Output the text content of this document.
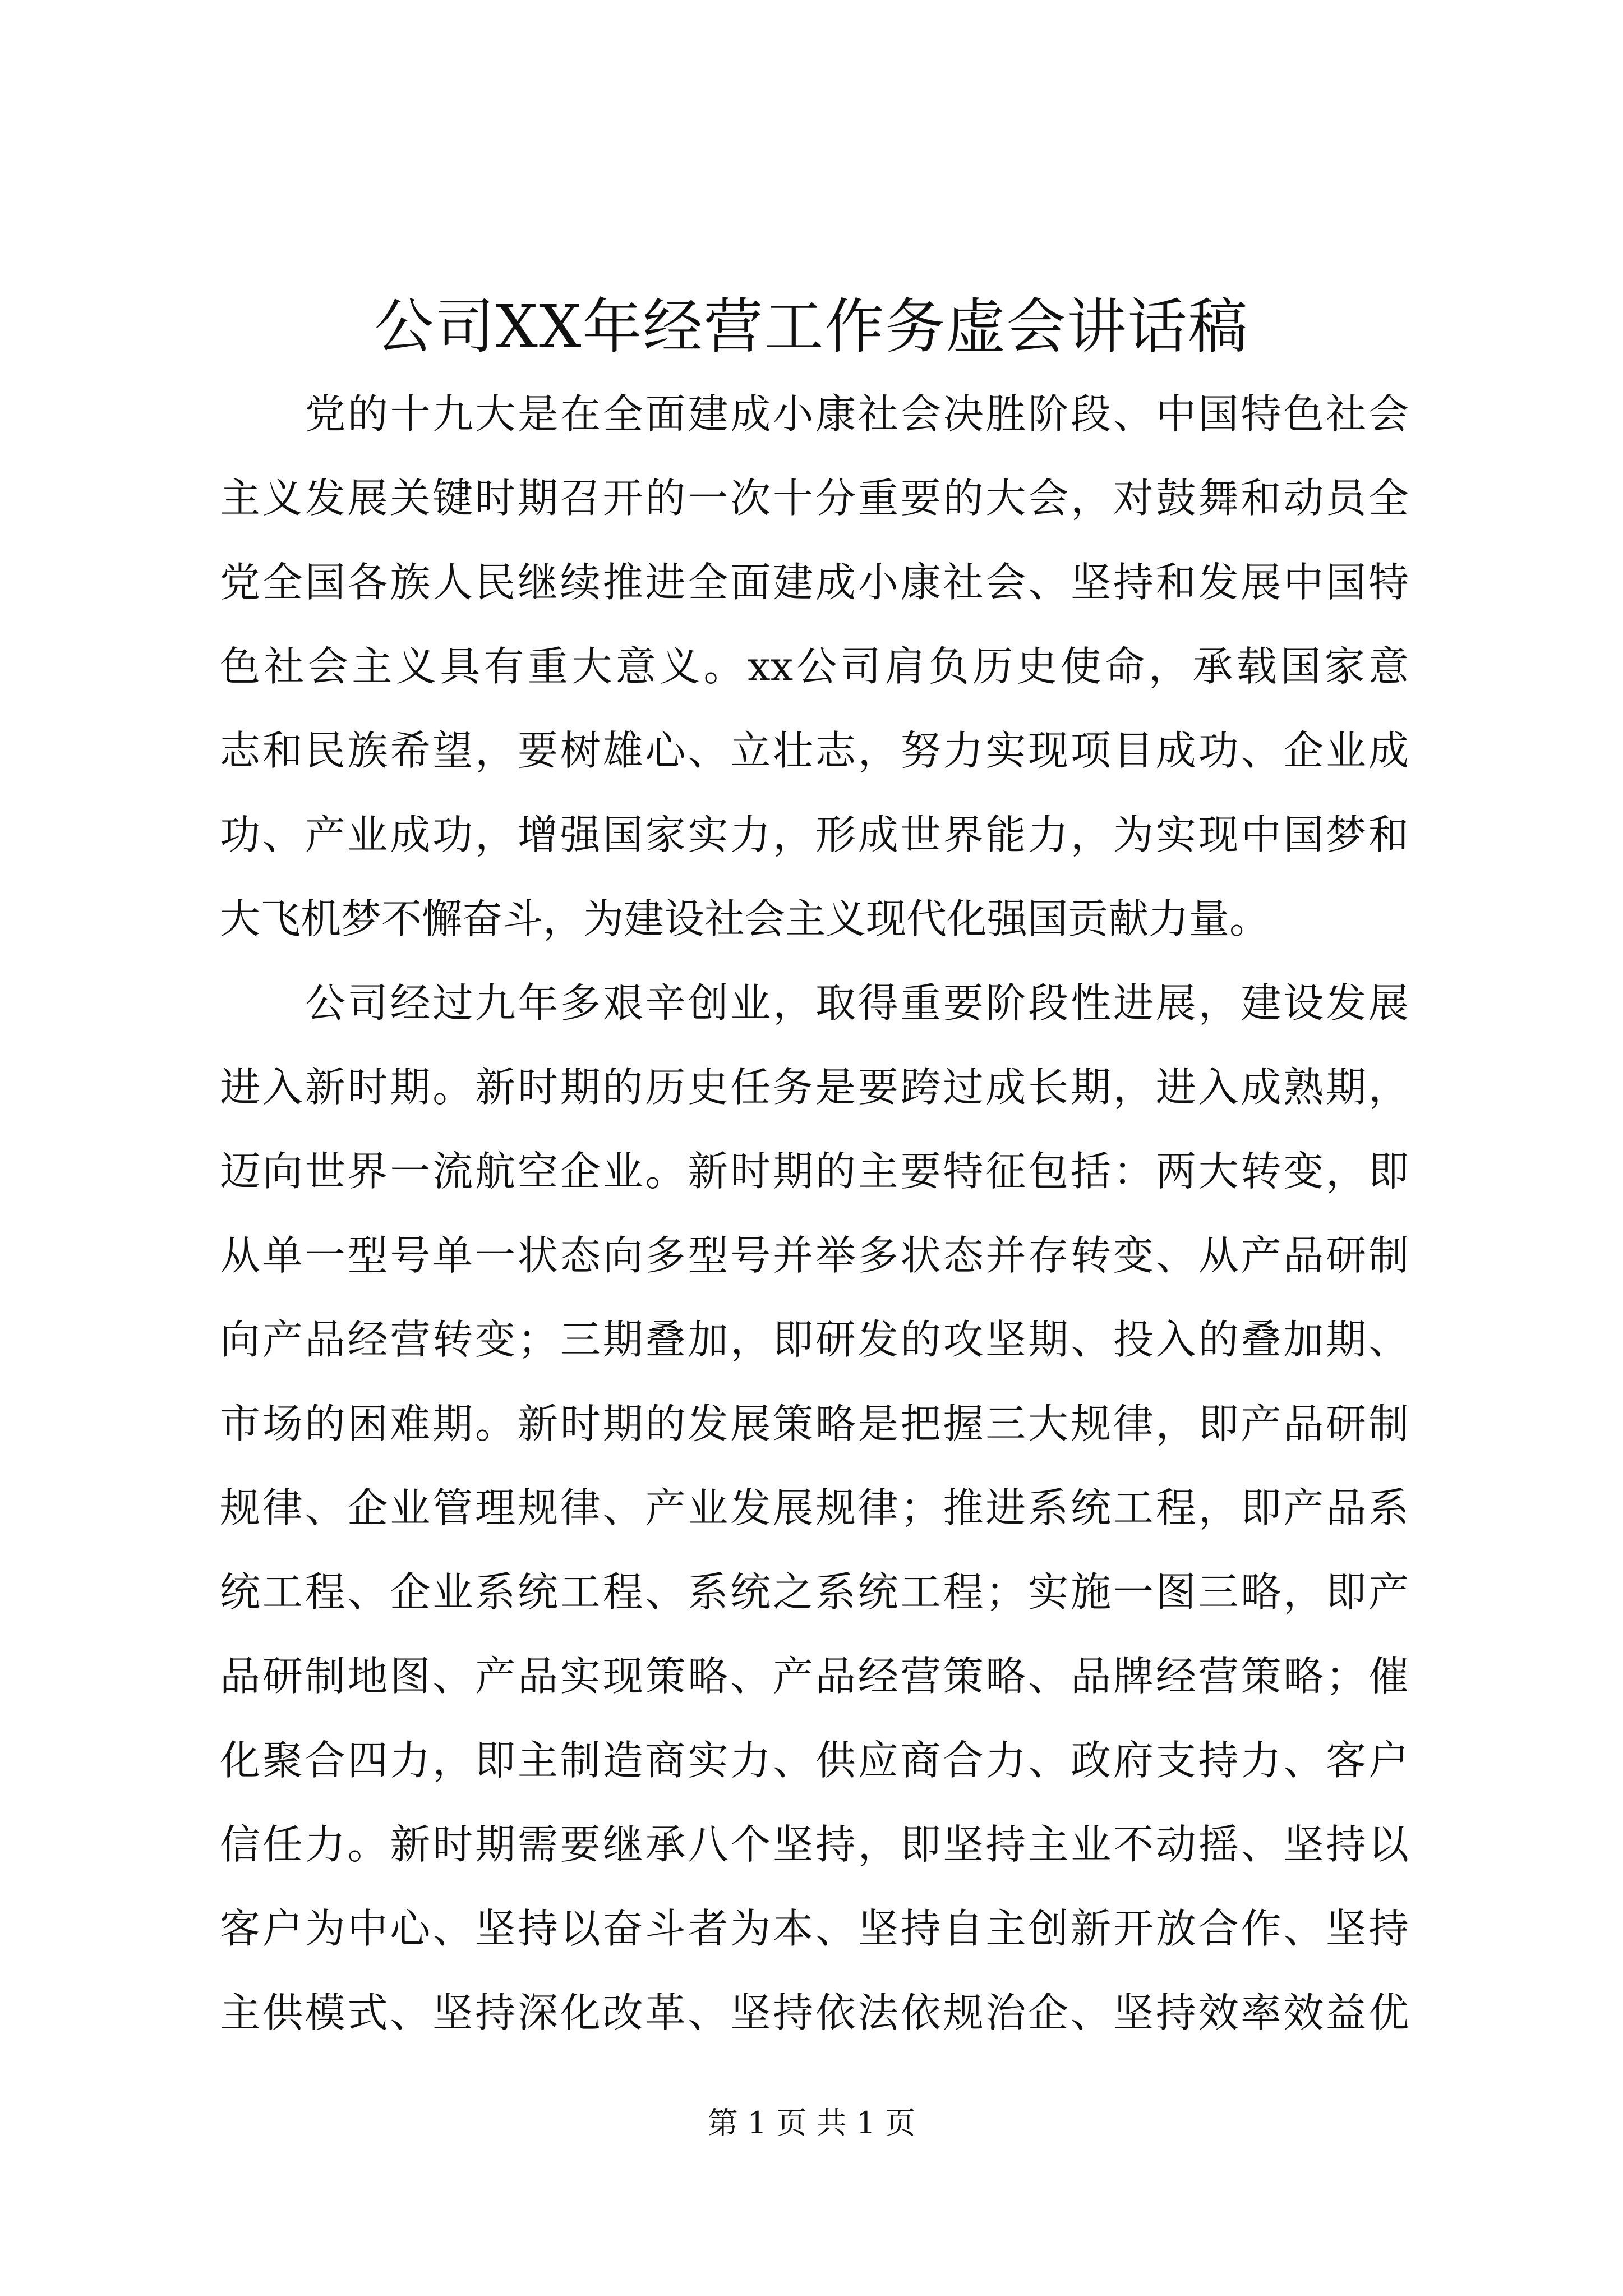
公司XX年经营工作务虚会讲话稿
党的十九大是在全面建成小康社会决胜阶段、中国特色社会
主义发展关键时期召开的一次十分重要的大会，对鼓舞和动员全
党全国各族人民继续推进全面建成小康社会、坚持和发展中国特
色社会主义具有重大意义。xx公司肩负历史使命，承载国家意
志和民族希望，要树雄心、立壮志，努力实现项目成功、企业成
功、产业成功，增强国家实力，形成世界能力，为实现中国梦和
大飞机梦不懈奋斗，为建设社会主义现代化强国贡献力量。
公司经过九年多艰辛创业，取得重要阶段性进展，建设发展
进入新时期。新时期的历史任务是要跨过成长期，进入成熟期，
迈向世界一流航空企业。新时期的主要特征包括：两大转变，即
从单一型号单一状态向多型号并举多状态并存转变、从产品研制
向产品经营转变；三期叠加，即研发的攻坚期、投入的叠加期、
市场的困难期。新时期的发展策略是把握三大规律，即产品研制
规律、企业管理规律、产业发展规律；推进系统工程，即产品系
统工程、企业系统工程、系统之系统工程；实施一图三略，即产
品研制地图、产品实现策略、产品经营策略、品牌经营策略；催
化聚合四力，即主制造商实力、供应商合力、政府支持力、客户
信任力。新时期需要继承八个坚持，即坚持主业不动摇、坚持以
客户为中心、坚持以奋斗者为本、坚持自主创新开放合作、坚持
主供模式、坚持深化改革、坚持依法依规治企、坚持效率效益优
第 1 页 共 1 页
